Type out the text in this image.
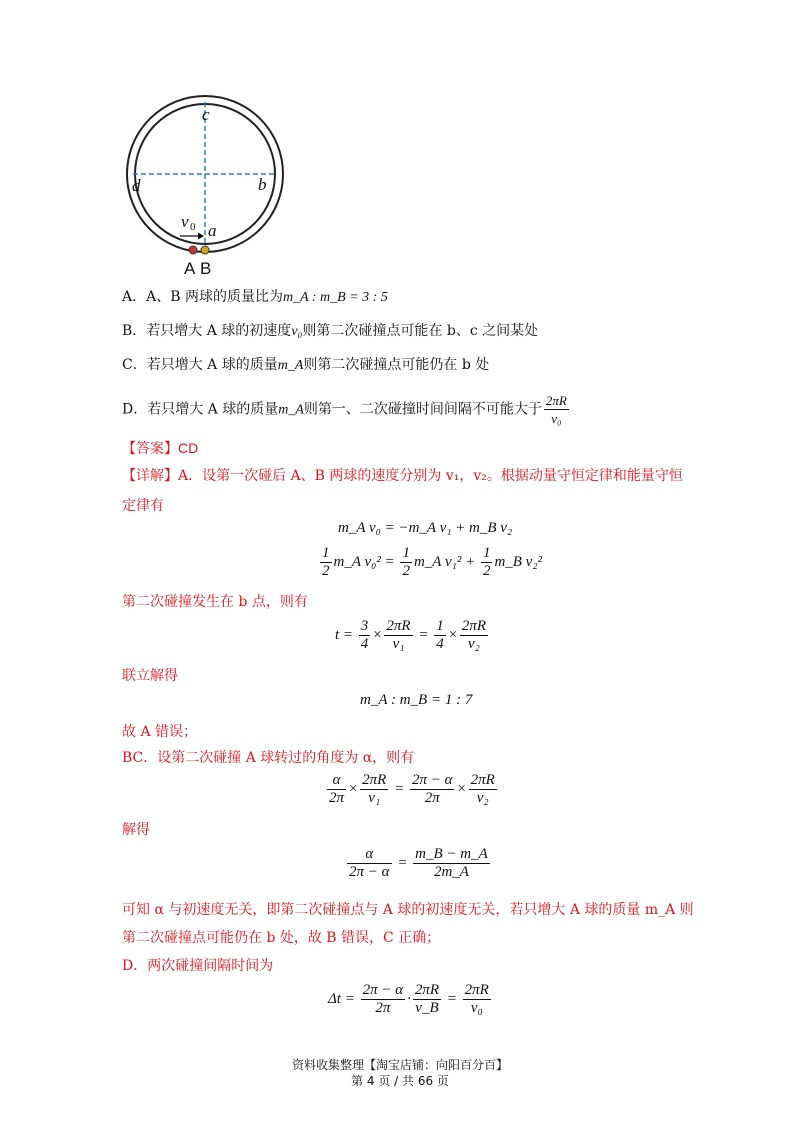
c
d	b
a
v 0
A B
A．A、B 两球的质量比为m_A : m_B = 3 : 5
B．若只增大 A 球的初速度v₀则第二次碰撞点可能在 b、c 之间某处
C．若只增大 A 球的质量m_A则第二次碰撞点可能仍在 b 处
D．若只增大 A 球的质量m_A则第一、二次碰撞时间间隔不可能大于 $\frac{2\pi R}{\text{v₀}}$
【答案】CD
【详解】A．设第一次碰后 A、B 两球的速度分别为 v₁，v₂。根据动量守恒定律和能量守恒
定律有
m_A v₀ = −m_A v₁ + m_B v₂
$\frac{1}{2}$ m_A $v_0^2 = \frac{1}{2}$ m_A $v_1^2 + \frac{1}{2}$ m_B v₂²
第二次碰撞发生在 b 点，则有
$t = \frac{3}{4} \times \frac{2\pi R}{\text{v₁}} = \frac{1}{4} \times \frac{2\pi R}{\text{v₂}}$
联立解得
m_A : m_B = 1 : 7
故 A 错误；
BC．设第二次碰撞 A 球转过的角度为 α，则有
$\frac{\alpha}{2\pi} \times \frac{2\pi R}{\text{v₁}} = \frac{2\pi - \alpha}{2\pi} \times \frac{2\pi R}{\text{v₂}}$
解得
$\frac{\alpha}{2\pi - \alpha} = \frac{m\_B - m\_A}{2m\_A}$
可知 α 与初速度无关，即第二次碰撞点与 A 球的初速度无关，若只增大 A 球的质量 m_A 则
第二次碰撞点可能仍在 b 处，故 B 错误，C 正确；
D．两次碰撞间隔时间为
$\Delta t = \frac{2\pi - \alpha}{2\pi} \cdot \frac{2\pi R}{v\_B} = \frac{2\pi R}{\text{v₀}}$
资料收集整理【淘宝店铺：向阳百分百】
第 4 页 / 共 66 页
